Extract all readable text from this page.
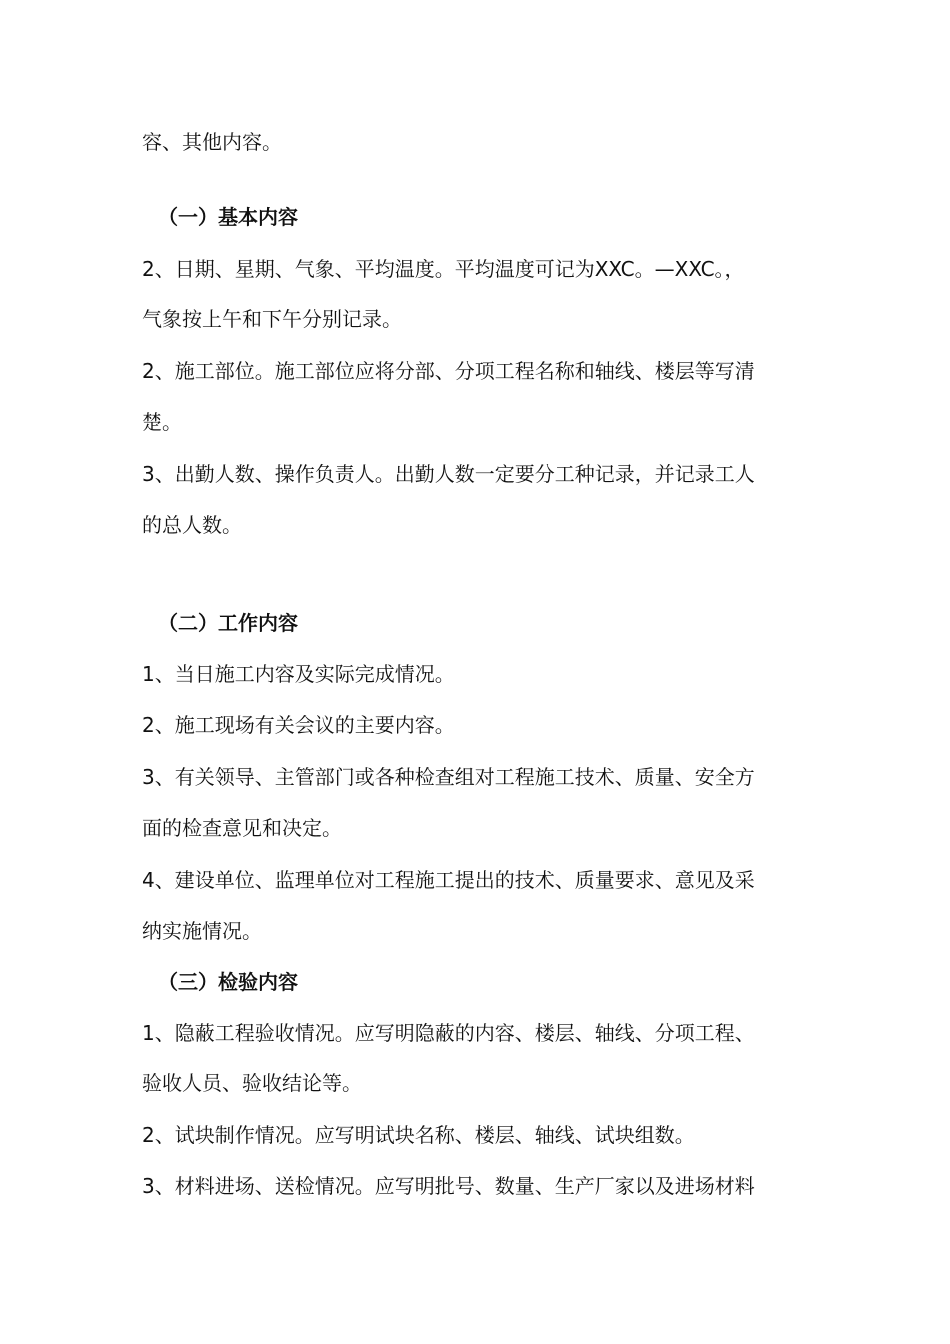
容、其他内容。
（一）基本内容
2、日期、星期、气象、平均温度。平均温度可记为XXC。—XXC。，
气象按上午和下午分别记录。
2、施工部位。施工部位应将分部、分项工程名称和轴线、楼层等写清
楚。
3、出勤人数、操作负责人。出勤人数一定要分工种记录，并记录工人
的总人数。
（二）工作内容
1、当日施工内容及实际完成情况。
2、施工现场有关会议的主要内容。
3、有关领导、主管部门或各种检查组对工程施工技术、质量、安全方
面的检查意见和决定。
4、建设单位、监理单位对工程施工提出的技术、质量要求、意见及采
纳实施情况。
（三）检验内容
1、隐蔽工程验收情况。应写明隐蔽的内容、楼层、轴线、分项工程、
验收人员、验收结论等。
2、试块制作情况。应写明试块名称、楼层、轴线、试块组数。
3、材料进场、送检情况。应写明批号、数量、生产厂家以及进场材料
